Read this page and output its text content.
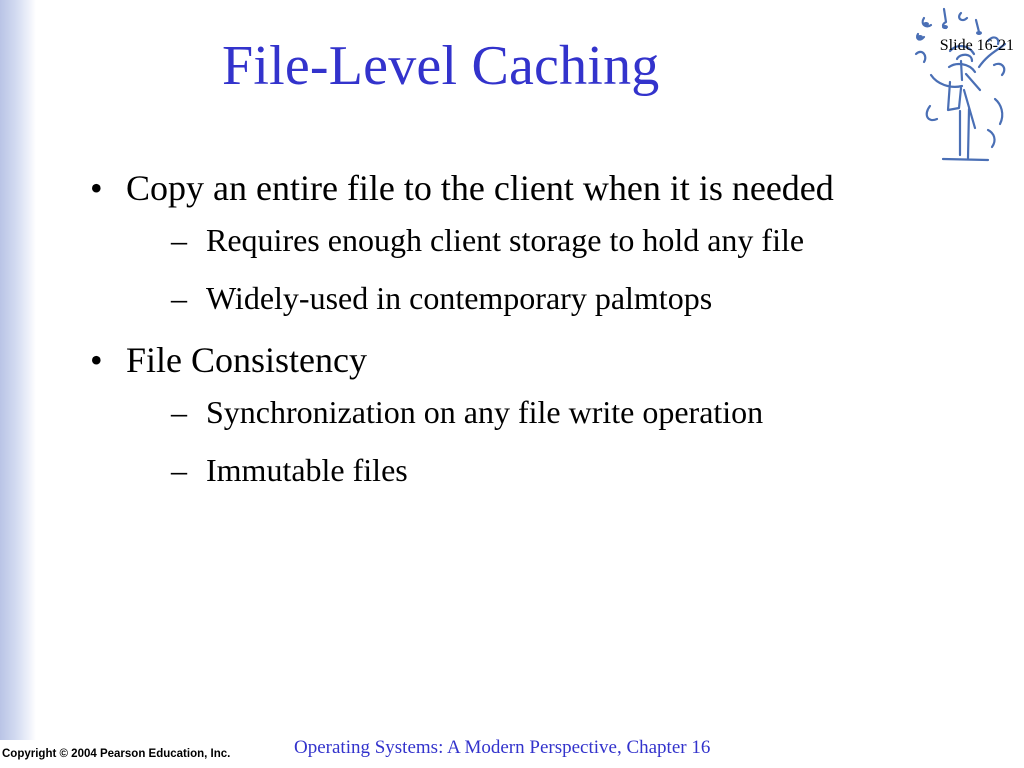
Slide 16-21
File-Level Caching
• Copy an entire file to the client when it is needed
– Requires enough client storage to hold any file
– Widely-used in contemporary palmtops
• File Consistency
– Synchronization on any file write operation
– Immutable files
Copyright © 2004 Pearson Education, Inc.	Operating Systems: A Modern Perspective, Chapter 16
